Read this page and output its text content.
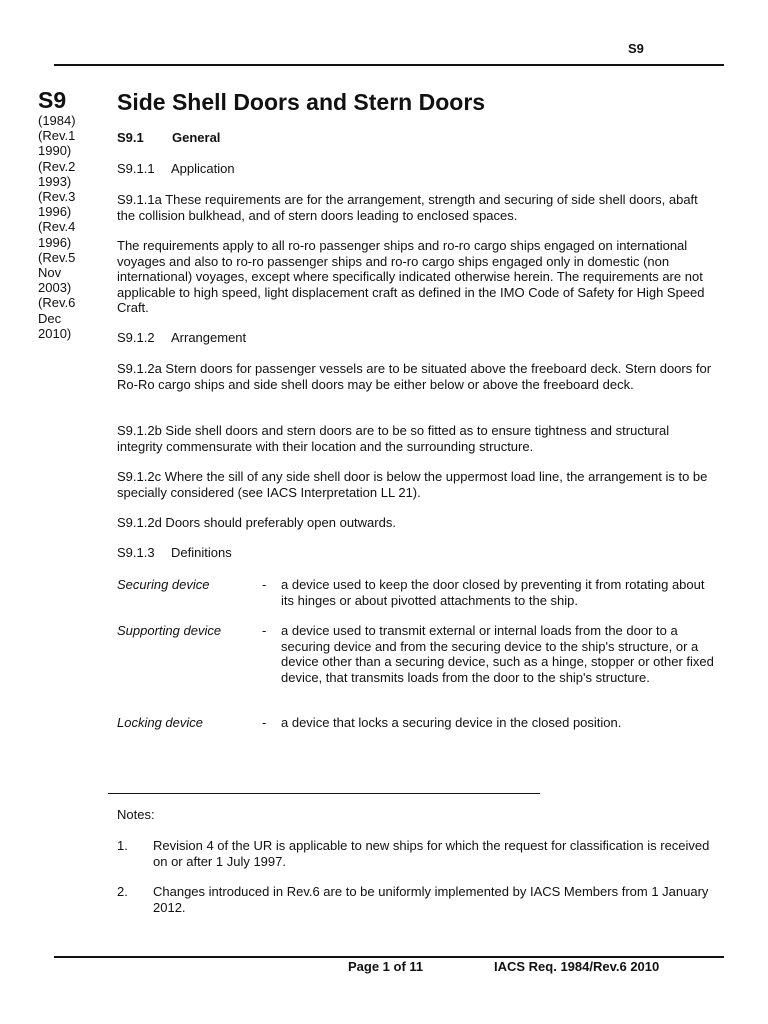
S9
S9
(1984)
(Rev.1
1990)
(Rev.2
1993)
(Rev.3
1996)
(Rev.4
1996)
(Rev.5
Nov
2003)
(Rev.6
Dec
2010)
Side Shell Doors and Stern Doors
S9.1 General
S9.1.1 Application
S9.1.1a These requirements are for the arrangement, strength and securing of side shell doors, abaft the collision bulkhead, and of stern doors leading to enclosed spaces.
The requirements apply to all ro-ro passenger ships and ro-ro cargo ships engaged on international voyages and also to ro-ro passenger ships and ro-ro cargo ships engaged only in domestic (non international) voyages, except where specifically indicated otherwise herein. The requirements are not applicable to high speed, light displacement craft as defined in the IMO Code of Safety for High Speed Craft.
S9.1.2 Arrangement
S9.1.2a Stern doors for passenger vessels are to be situated above the freeboard deck. Stern doors for Ro-Ro cargo ships and side shell doors may be either below or above the freeboard deck.
S9.1.2b Side shell doors and stern doors are to be so fitted as to ensure tightness and structural integrity commensurate with their location and the surrounding structure.
S9.1.2c Where the sill of any side shell door is below the uppermost load line, the arrangement is to be specially considered (see IACS Interpretation LL 21).
S9.1.2d Doors should preferably open outwards.
S9.1.3 Definitions
Securing device	- a device used to keep the door closed by preventing it from rotating about its hinges or about pivotted attachments to the ship.
Supporting device	- a device used to transmit external or internal loads from the door to a securing device and from the securing device to the ship's structure, or a device other than a securing device, such as a hinge, stopper or other fixed device, that transmits loads from the door to the ship's structure.
Locking device	- a device that locks a securing device in the closed position.
Notes:
1. Revision 4 of the UR is applicable to new ships for which the request for classification is received on or after 1 July 1997.
2. Changes introduced in Rev.6 are to be uniformly implemented by IACS Members from 1 January 2012.
Page 1 of 11	IACS Req. 1984/Rev.6 2010
